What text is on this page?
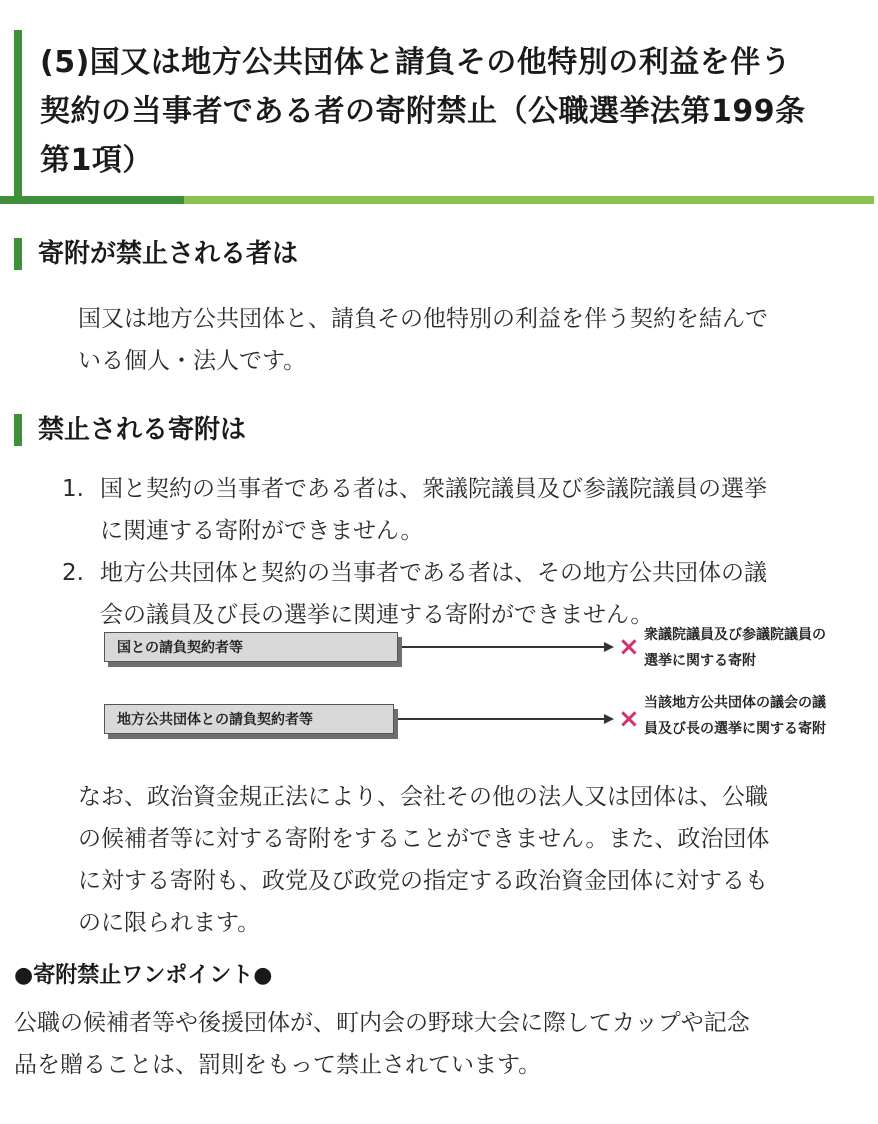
(5)国又は地方公共団体と請負その他特別の利益を伴う
契約の当事者である者の寄附禁止（公職選挙法第199条
第1項）
寄附が禁止される者は
国又は地方公共団体と、請負その他特別の利益を伴う契約を結んで
いる個人・法人です。
禁止される寄附は
1. 国と契約の当事者である者は、衆議院議員及び参議院議員の選挙
に関連する寄附ができません。
2. 地方公共団体と契約の当事者である者は、その地方公共団体の議
会の議員及び長の選挙に関連する寄附ができません。
国との請負契約者等	× 衆議院議員及び参議院議員の
選挙に関する寄附
地方公共団体との請負契約者等	×
当該地方公共団体の議会の議
員及び長の選挙に関する寄附
なお、政治資金規正法により、会社その他の法人又は団体は、公職
の候補者等に対する寄附をすることができません。また、政治団体
に対する寄附も、政党及び政党の指定する政治資金団体に対するも
のに限られます。
●寄附禁止ワンポイント●
公職の候補者等や後援団体が、町内会の野球大会に際してカップや記念
品を贈ることは、罰則をもって禁止されています。
